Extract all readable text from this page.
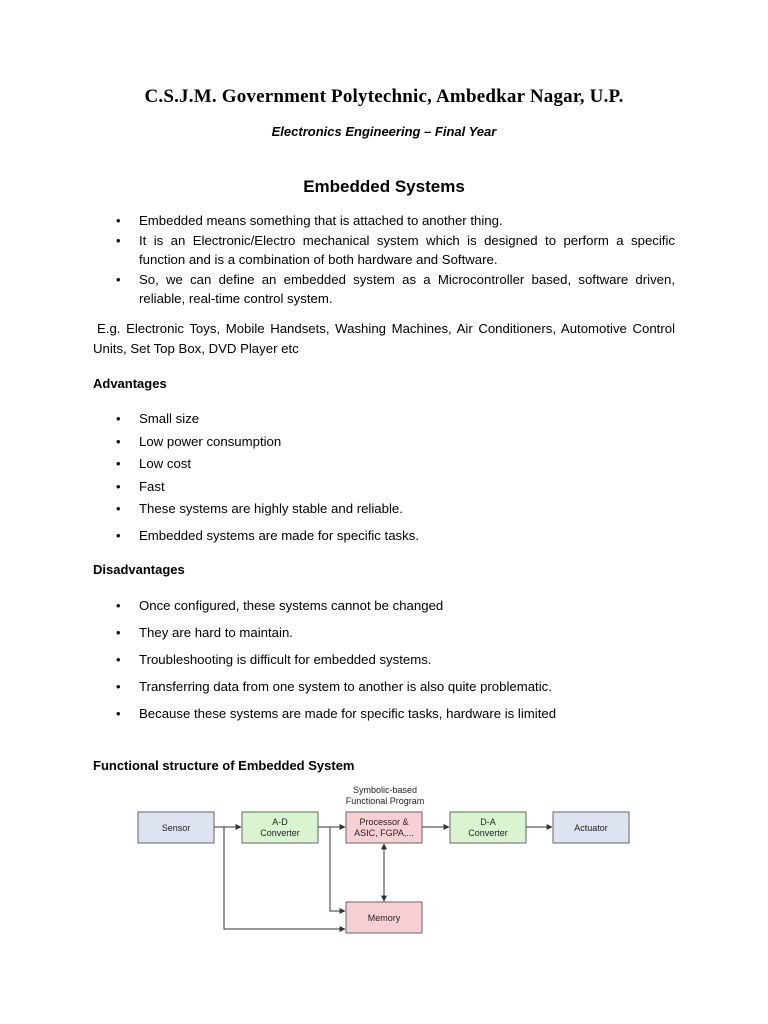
C.S.J.M. Government Polytechnic, Ambedkar Nagar, U.P.
Electronics Engineering – Final Year
Embedded Systems
• Embedded means something that is attached to another thing.
• It is an Electronic/Electro mechanical system which is designed to perform a specific function and is a combination of both hardware and Software.
• So, we can define an embedded system as a Microcontroller based, software driven, reliable, real-time control system.
E.g. Electronic Toys, Mobile Handsets, Washing Machines, Air Conditioners, Automotive Control Units, Set Top Box, DVD Player etc
Advantages
• Small size
• Low power consumption
• Low cost
• Fast
• These systems are highly stable and reliable.
• Embedded systems are made for specific tasks.
Disadvantages
• Once configured, these systems cannot be changed
• They are hard to maintain.
• Troubleshooting is difficult for embedded systems.
• Transferring data from one system to another is also quite problematic.
• Because these systems are made for specific tasks, hardware is limited
Functional structure of Embedded System
Symbolic-based
Functional Program
Sensor
A-D
Converter
Processor &
ASIC, FGPA,...
D-A
Converter	Actuator
Memory
